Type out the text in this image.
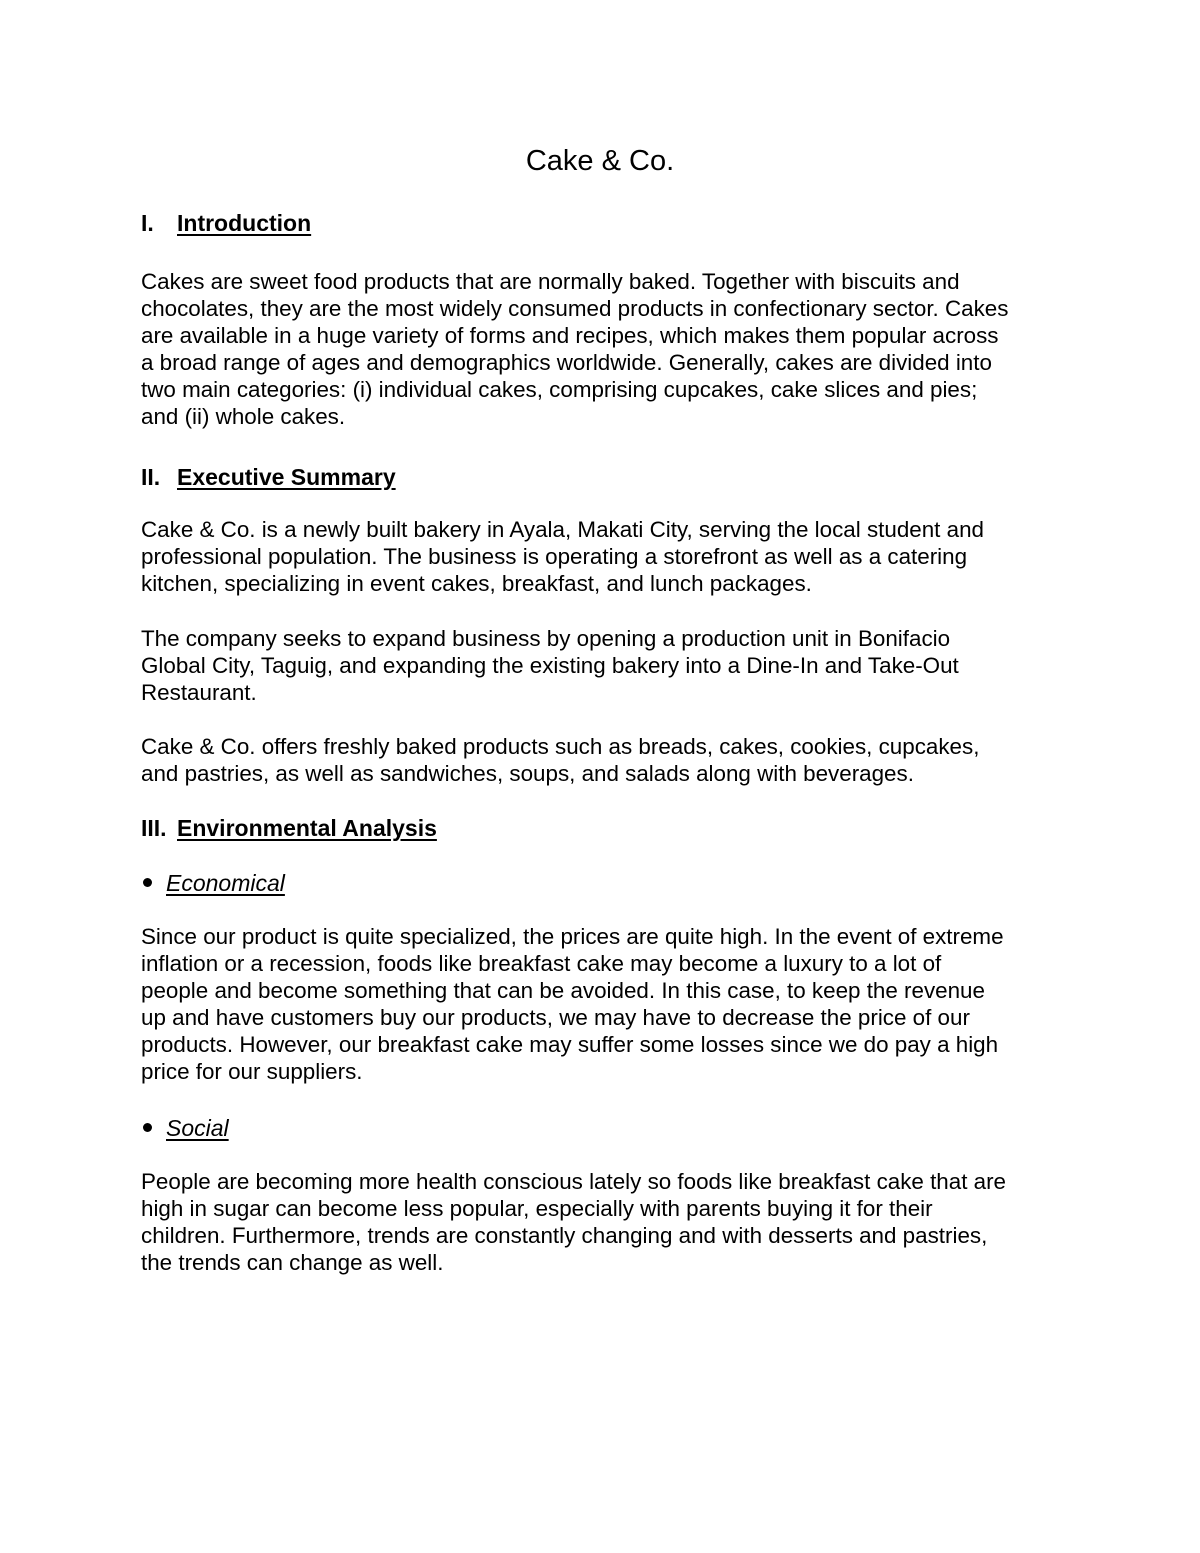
Cake & Co.
I. Introduction

Cakes are sweet food products that are normally baked. Together with biscuits and
chocolates, they are the most widely consumed products in confectionary sector. Cakes
are available in a huge variety of forms and recipes, which makes them popular across
a broad range of ages and demographics worldwide. Generally, cakes are divided into
two main categories: (i) individual cakes, comprising cupcakes, cake slices and pies;
and (ii) whole cakes.

II. Executive Summary

Cake & Co. is a newly built bakery in Ayala, Makati City, serving the local student and
professional population. The business is operating a storefront as well as a catering
kitchen, specializing in event cakes, breakfast, and lunch packages.

The company seeks to expand business by opening a production unit in Bonifacio
Global City, Taguig, and expanding the existing bakery into a Dine-In and Take-Out
Restaurant.

Cake & Co. offers freshly baked products such as breads, cakes, cookies, cupcakes,
and pastries, as well as sandwiches, soups, and salads along with beverages.

III. Environmental Analysis
Economical

Since our product is quite specialized, the prices are quite high. In the event of extreme
inflation or a recession, foods like breakfast cake may become a luxury to a lot of
people and become something that can be avoided. In this case, to keep the revenue
up and have customers buy our products, we may have to decrease the price of our
products. However, our breakfast cake may suffer some losses since we do pay a high
price for our suppliers.

Social

People are becoming more health conscious lately so foods like breakfast cake that are
high in sugar can become less popular, especially with parents buying it for their
children. Furthermore, trends are constantly changing and with desserts and pastries,
the trends can change as well.
